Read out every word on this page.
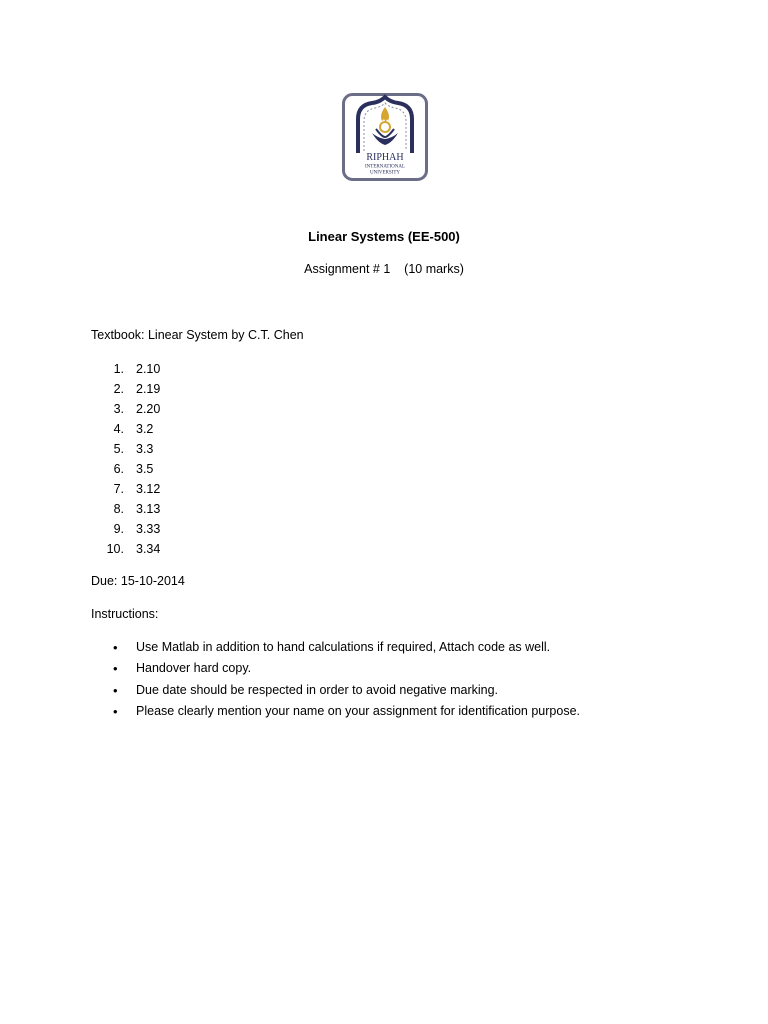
RIPHAH
INTERNATIONAL
UNIVERSITY
Linear Systems (EE-500)
Assignment # 1    (10 marks)
Textbook: Linear System by C.T. Chen
1. 2.10
2. 2.19
3. 2.20
4. 3.2
5. 3.3
6. 3.5
7. 3.12
8. 3.13
9. 3.33
10. 3.34
Due: 15-10-2014
Instructions:
• Use Matlab in addition to hand calculations if required, Attach code as well.
• Handover hard copy.
• Due date should be respected in order to avoid negative marking.
• Please clearly mention your name on your assignment for identification purpose.
